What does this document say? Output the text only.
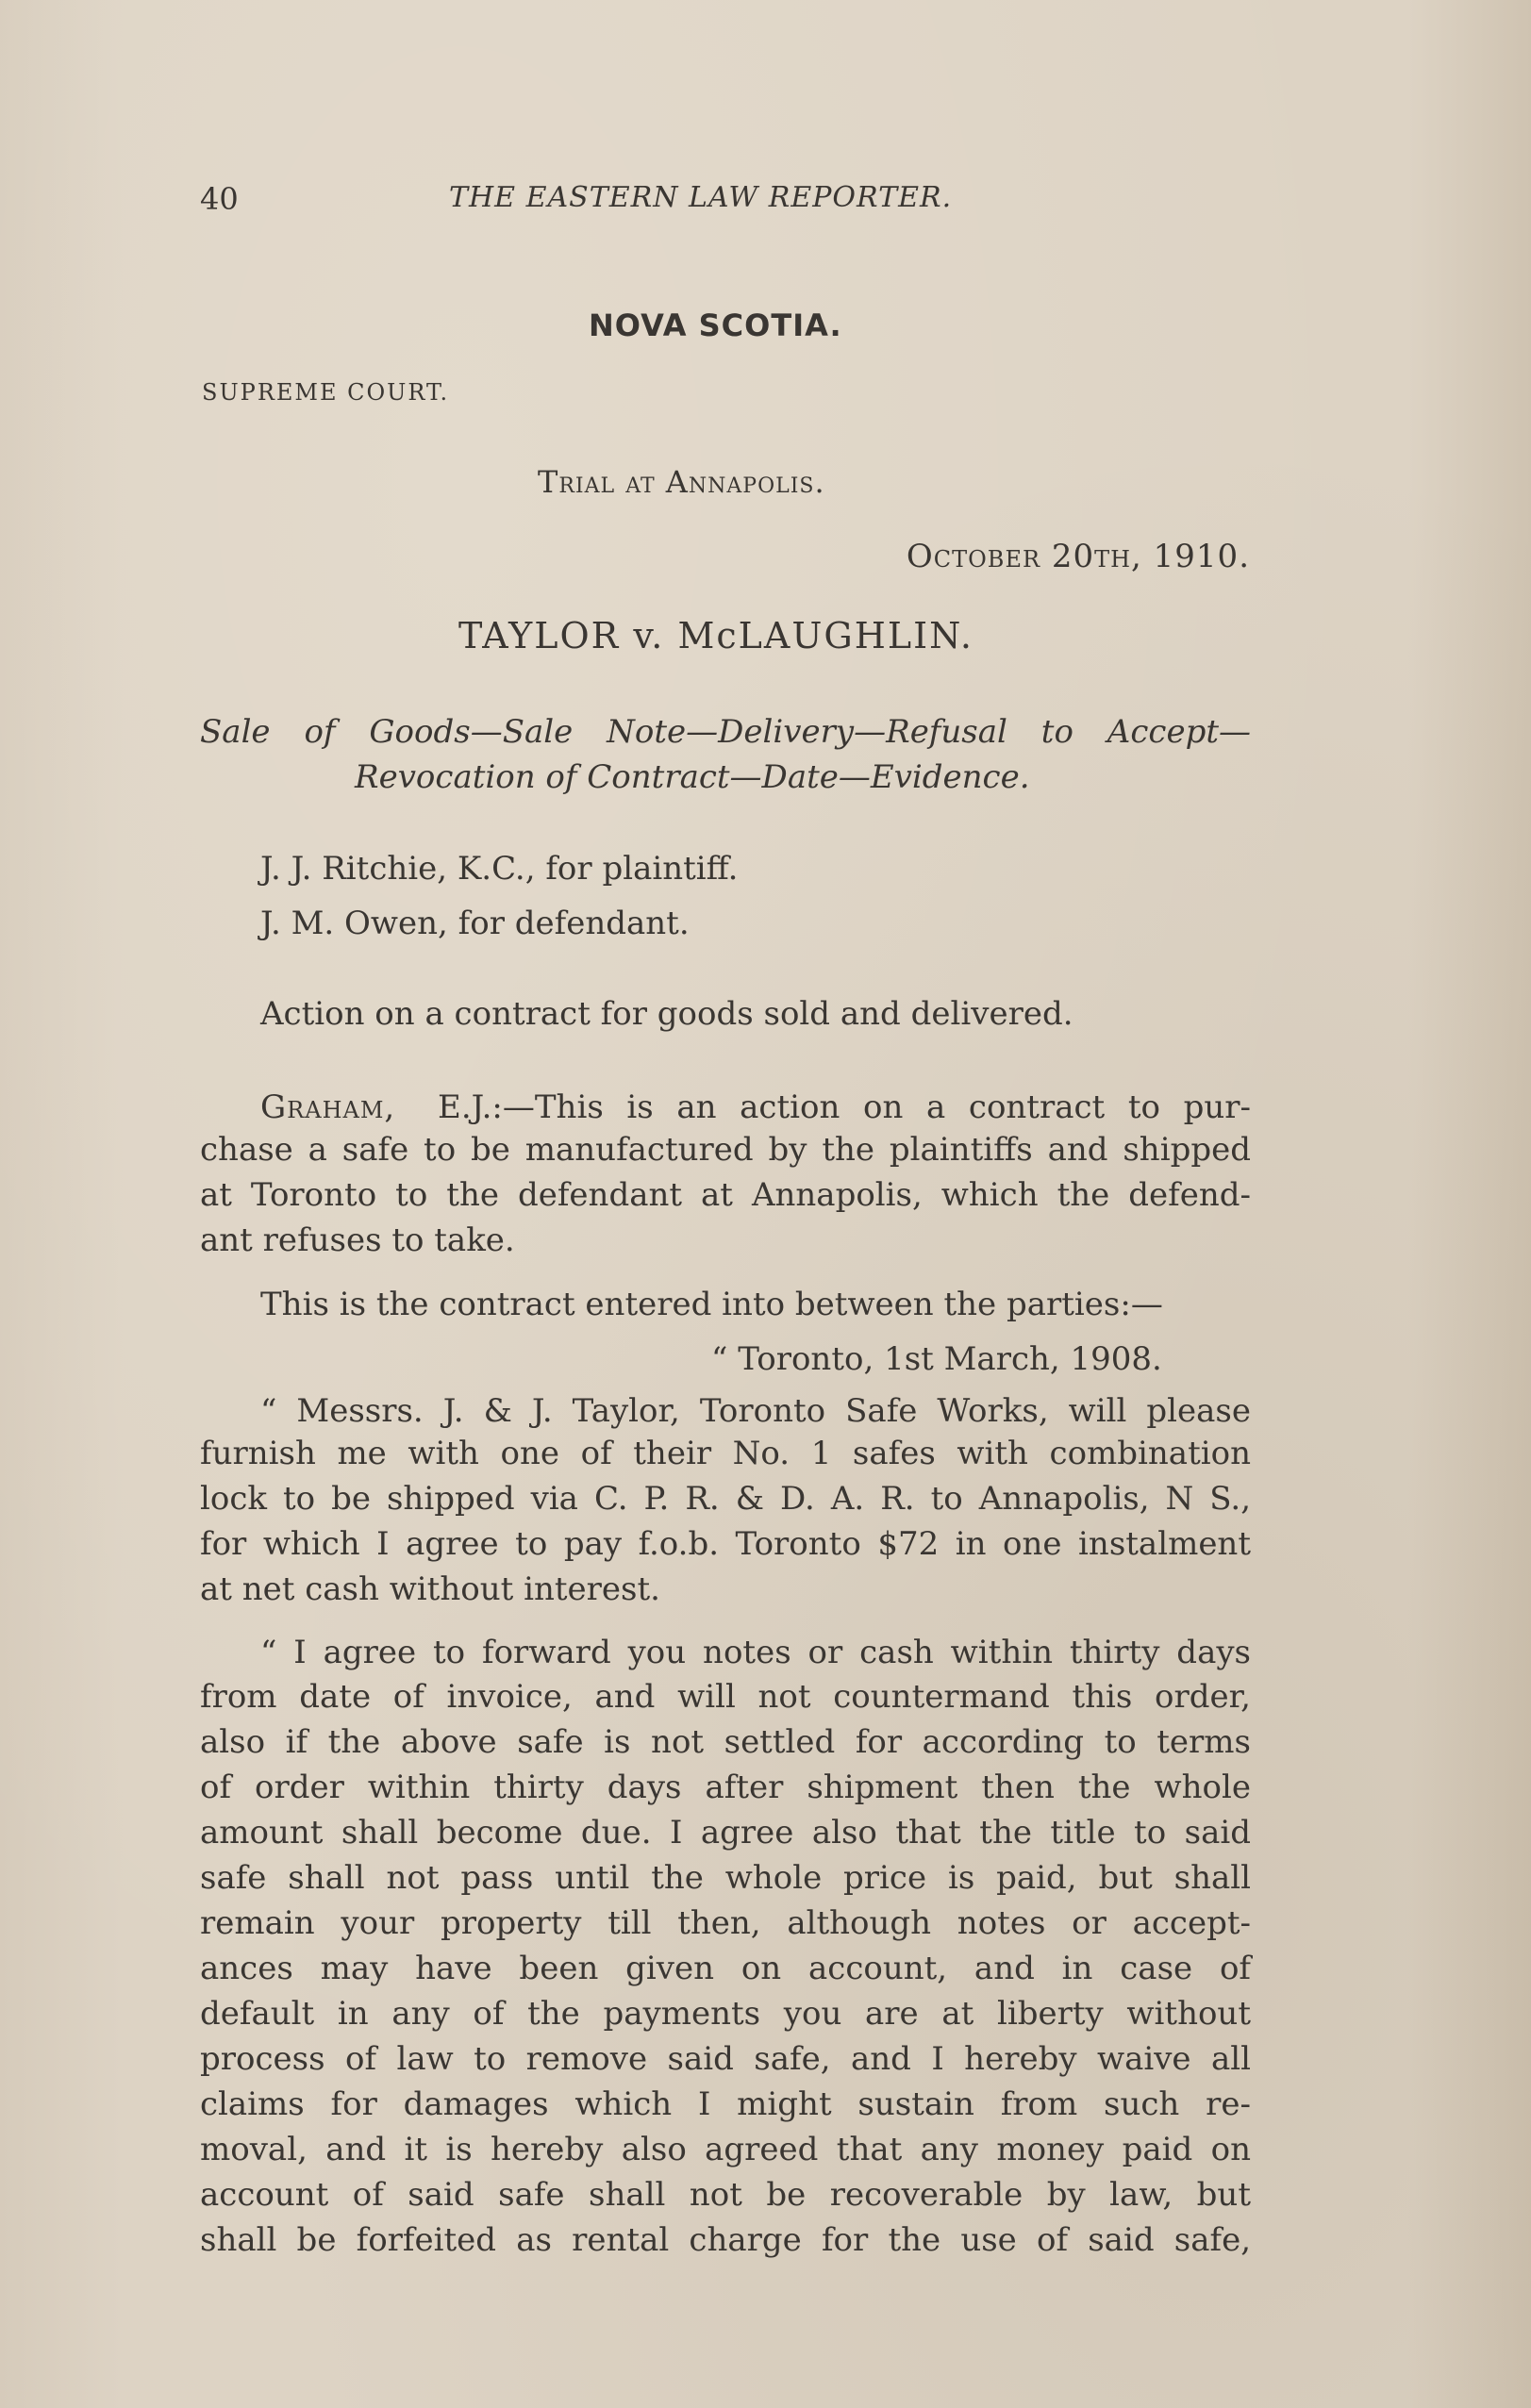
40	THE EASTERN LAW REPORTER.

NOVA SCOTIA.

SUPREME COURT.

Trial at Annapolis.

October 20th, 1910.

TAYLOR v. McLAUGHLIN.

Sale of Goods—Sale Note—Delivery—Refusal to Accept—

Revocation of Contract—Date—Evidence.

J. J. Ritchie, K.C., for plaintiff.

J. M. Owen, for defendant.

Action on a contract for goods sold and delivered.

Graham, E.J.:—This is an action on a contract to pur-

chase a safe to be manufactured by the plaintiffs and shipped

at Toronto to the defendant at Annapolis, which the defend-

ant refuses to take.

This is the contract entered into between the parties:—

“ Toronto, 1st March, 1908.

“ Messrs. J. & J. Taylor, Toronto Safe Works, will please

furnish me with one of their No. 1 safes with combination

lock to be shipped via C. P. R. & D. A. R. to Annapolis, N S.,

for which I agree to pay f.o.b. Toronto $72 in one instalment

at net cash without interest.

“ I agree to forward you notes or cash within thirty days

from date of invoice, and will not countermand this order,

also if the above safe is not settled for according to terms

of order within thirty days after shipment then the whole

amount shall become due. I agree also that the title to said

safe shall not pass until the whole price is paid, but shall

remain your property till then, although notes or accept-

ances may have been given on account, and in case of

default in any of the payments you are at liberty without

process of law to remove said safe, and I hereby waive all

claims for damages which I might sustain from such re-

moval, and it is hereby also agreed that any money paid on

account of said safe shall not be recoverable by law, but

shall be forfeited as rental charge for the use of said safe,
